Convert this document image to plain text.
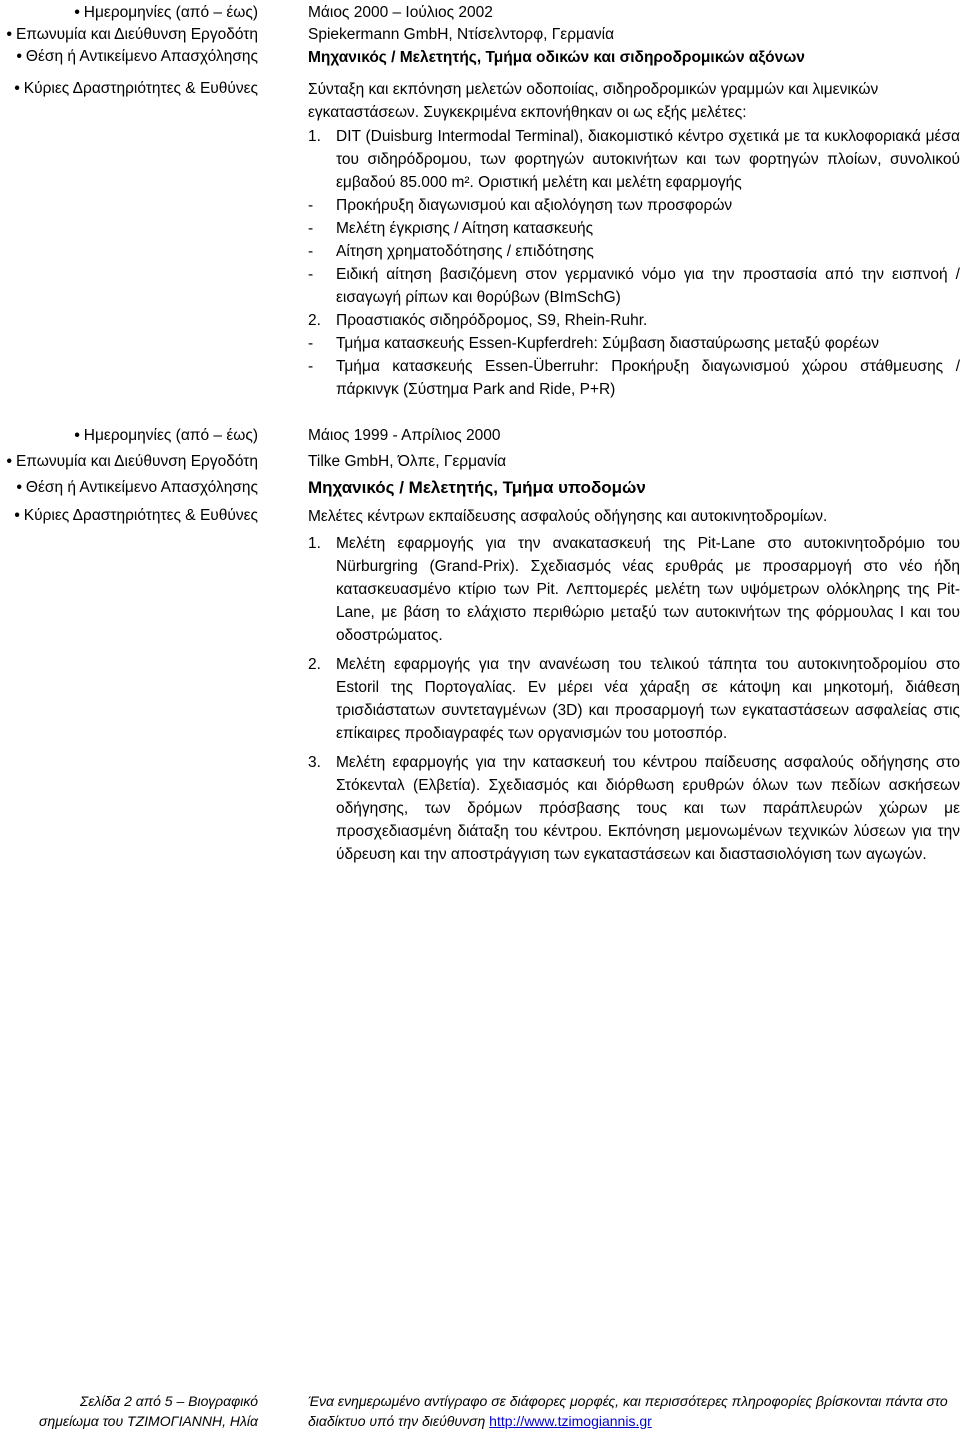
• Ημερομηνίες (από – έως)
• Επωνυμία και Διεύθυνση Εργοδότη
• Θέση ή Αντικείμενο Απασχόλησης
• Κύριες Δραστηριότητες & Ευθύνες
Μάιος 2000 – Ιούλιος 2002
Spiekermann GmbH, Ντίσελντορφ, Γερμανία
Μηχανικός / Μελετητής, Τμήμα οδικών και σιδηροδρομικών αξόνων
Σύνταξη και εκπόνηση μελετών οδοποιίας, σιδηροδρομικών γραμμών και λιμενικών εγκαταστάσεων. Συγκεκριμένα εκπονήθηκαν οι ως εξής μελέτες:
1. DIT (Duisburg Intermodal Terminal), διακομιστικό κέντρο σχετικά με τα κυκλοφοριακά μέσα του σιδηρόδρομου, των φορτηγών αυτοκινήτων και των φορτηγών πλοίων, συνολικού εμβαδού 85.000 m². Οριστική μελέτη και μελέτη εφαρμογής
- Προκήρυξη διαγωνισμού και αξιολόγηση των προσφορών
- Μελέτη έγκρισης / Αίτηση κατασκευής
- Αίτηση χρηματοδότησης / επιδότησης
- Ειδική αίτηση βασιζόμενη στον γερμανικό νόμο για την προστασία από την εισπνοή / εισαγωγή ρίπων και θορύβων (BImSchG)
2. Προαστιακός σιδηρόδρομος, S9, Rhein-Ruhr.
- Τμήμα κατασκευής Essen-Kupferdreh: Σύμβαση διασταύρωσης μεταξύ φορέων
- Τμήμα κατασκευής Essen-Überruhr: Προκήρυξη διαγωνισμού χώρου στάθμευσης / πάρκινγκ (Σύστημα Park and Ride, P+R)
• Ημερομηνίες (από – έως)
• Επωνυμία και Διεύθυνση Εργοδότη
• Θέση ή Αντικείμενο Απασχόλησης
• Κύριες Δραστηριότητες & Ευθύνες
Μάιος 1999 - Απρίλιος 2000
Tilke GmbH, Όλπε, Γερμανία
Μηχανικός / Μελετητής, Τμήμα υποδομών
Μελέτες κέντρων εκπαίδευσης ασφαλούς οδήγησης και αυτοκινητοδρομίων.
1. Μελέτη εφαρμογής για την ανακατασκευή της Pit-Lane στο αυτοκινητοδρόμιο του Nürburgring (Grand-Prix). Σχεδιασμός νέας ερυθράς με προσαρμογή στο νέο ήδη κατασκευασμένο κτίριο των Pit. Λεπτομερές μελέτη των υψόμετρων ολόκληρης της Pit-Lane, με βάση το ελάχιστο περιθώριο μεταξύ των αυτοκινήτων της φόρμουλας Ι και του οδοστρώματος.
2. Μελέτη εφαρμογής για την ανανέωση του τελικού τάπητα του αυτοκινητοδρομίου στο Estoril της Πορτογαλίας. Εν μέρει νέα χάραξη σε κάτοψη και μηκοτομή, διάθεση τρισδιάστατων συντεταγμένων (3D) και προσαρμογή των εγκαταστάσεων ασφαλείας στις επίκαιρες προδιαγραφές των οργανισμών του μοτοσπόρ.
3. Μελέτη εφαρμογής για την κατασκευή του κέντρου παίδευσης ασφαλούς οδήγησης στο Στόκενταλ (Ελβετία). Σχεδιασμός και διόρθωση ερυθρών όλων των πεδίων ασκήσεων οδήγησης, των δρόμων πρόσβασης τους και των παράπλευρών χώρων με προσχεδιασμένη διάταξη του κέντρου. Εκπόνηση μεμονωμένων τεχνικών λύσεων για την ύδρευση και την αποστράγγιση των εγκαταστάσεων και διαστασιολόγιση των αγωγών.
Σελίδα 2 από 5 – Βιογραφικό σημείωμα του ΤΖΙΜΟΓΙΑΝΝΗ, Ηλία
Ένα ενημερωμένο αντίγραφο σε διάφορες μορφές, και περισσότερες πληροφορίες βρίσκονται πάντα στο διαδίκτυο υπό την διεύθυνση http://www.tzimogiannis.gr
